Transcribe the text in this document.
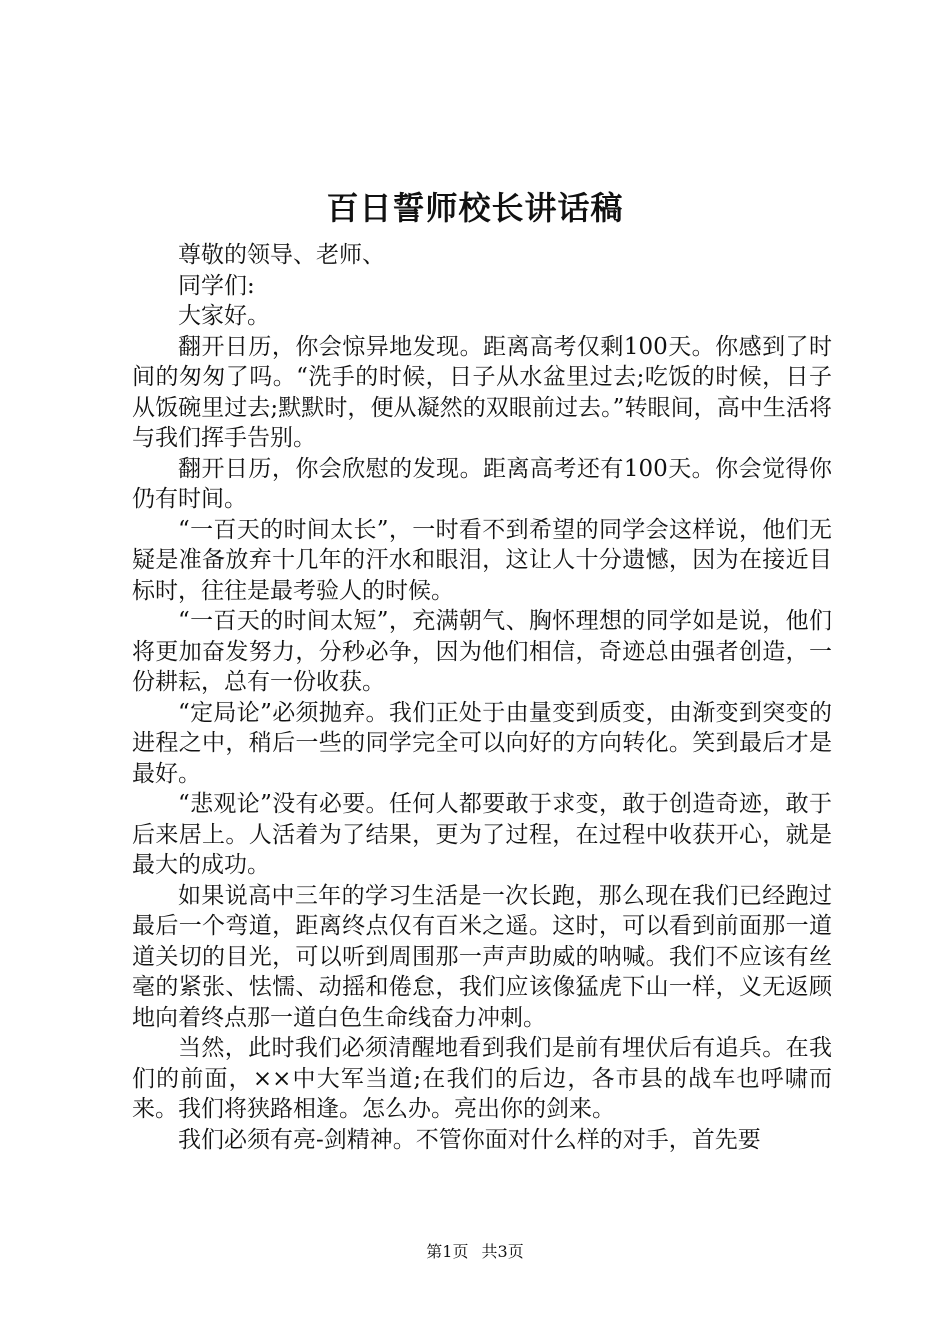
百日誓师校长讲话稿

尊敬的领导、老师、

同学们:

大家好。

翻开日历，你会惊异地发现。距离高考仅剩100天。你感到了时间的匆匆了吗。“洗手的时候，日子从水盆里过去;吃饭的时候，日子从饭碗里过去;默默时，便从凝然的双眼前过去。”转眼间，高中生活将与我们挥手告别。

翻开日历，你会欣慰的发现。距离高考还有100天。你会觉得你仍有时间。

“一百天的时间太长”，一时看不到希望的同学会这样说，他们无疑是准备放弃十几年的汗水和眼泪，这让人十分遗憾，因为在接近目标时，往往是最考验人的时候。

“一百天的时间太短”，充满朝气、胸怀理想的同学如是说，他们将更加奋发努力，分秒必争，因为他们相信，奇迹总由强者创造，一份耕耘，总有一份收获。

“定局论”必须抛弃。我们正处于由量变到质变，由渐变到突变的进程之中，稍后一些的同学完全可以向好的方向转化。笑到最后才是最好。

“悲观论”没有必要。任何人都要敢于求变，敢于创造奇迹，敢于后来居上。人活着为了结果，更为了过程，在过程中收获开心，就是最大的成功。

如果说高中三年的学习生活是一次长跑，那么现在我们已经跑过最后一个弯道，距离终点仅有百米之遥。这时，可以看到前面那一道道关切的目光，可以听到周围那一声声助威的呐喊。我们不应该有丝毫的紧张、怯懦、动摇和倦怠，我们应该像猛虎下山一样，义无返顾地向着终点那一道白色生命线奋力冲刺。

当然，此时我们必须清醒地看到我们是前有埋伏后有追兵。在我们的前面，××中大军当道;在我们的后边，各市县的战车也呼啸而来。我们将狭路相逢。怎么办。亮出你的剑来。

我们必须有亮-剑精神。不管你面对什么样的对手，首先要

第1页 共3页
